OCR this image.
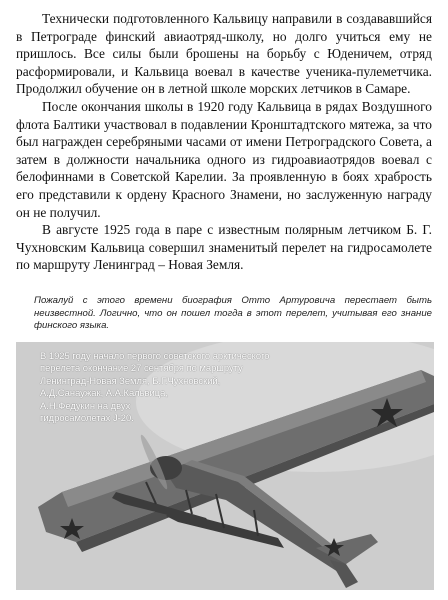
Технически подготовленного Кальвицу направили в создававшийся в Петрограде финский авиаотряд-школу, но долго учиться ему не пришлось. Все силы были брошены на борьбу с Юденичем, отряд расформировали, и Кальвица воевал в качестве ученика-пулеметчика. Продолжил обучение он в летной школе морских летчиков в Самаре.

После окончания школы в 1920 году Кальвица в рядах Воздушного флота Балтики участвовал в подавлении Кронштадтского мятежа, за что был награжден серебряными часами от имени Петроградского Совета, а затем в должности начальника одного из гидроавиаотрядов воевал с белофиннами в Советской Карелии. За проявленную в боях храбрость его представили к ордену Красного Знамени, но заслуженную награду он не получил.

В августе 1925 года в паре с известным полярным летчиком Б. Г. Чухновским Кальвица совершил знаменитый перелет на гидросамолете по маршруту Ленинград – Новая Земля.

Пожалуй с этого времени биография Отто Артуровича перестает быть неизвестной. Логично, что он пошел тогда в этот перелет, учитывая его знание финского языка.
В 1925 году начало первого советского арктического
перелета окончание 27 сентября по маршруту
Ленинград-Новая Земля, Б.Г.Чухновский,
А.Д.Санаужак, А.А.Кальвица,
А.Н.Федукин на двух
гидросамолетах J-20.
